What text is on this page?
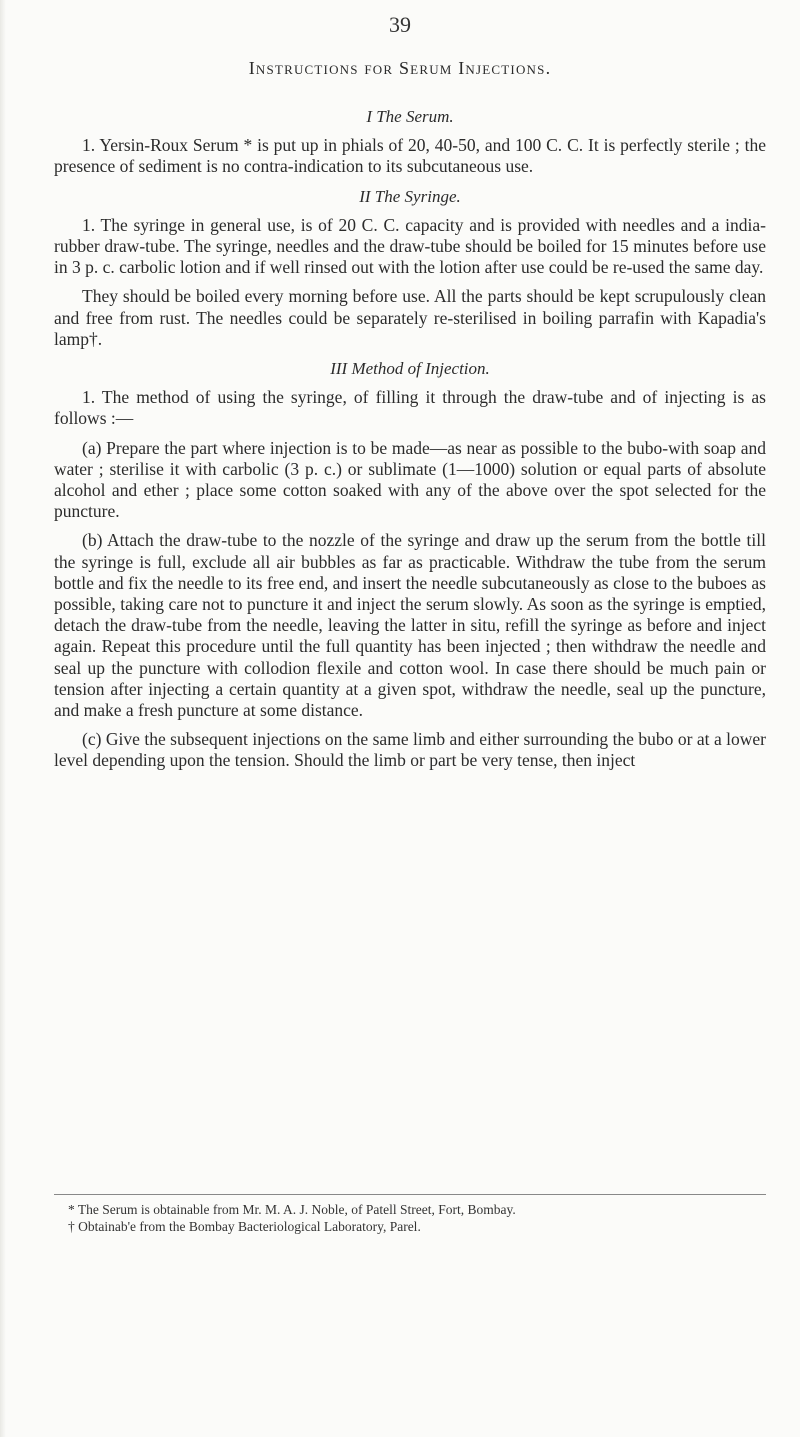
39
Instructions for Serum Injections.
I The Serum.

1. Yersin-Roux Serum * is put up in phials of 20, 40-50, and 100 C. C. It is perfectly sterile ; the presence of sediment is no contra-indication to its subcutaneous use.

II The Syringe.

1. The syringe in general use, is of 20 C. C. capacity and is provided with needles and a india-rubber draw-tube. The syringe, needles and the draw-tube should be boiled for 15 minutes before use in 3 p. c. carbolic lotion and if well rinsed out with the lotion after use could be re-used the same day.

They should be boiled every morning before use. All the parts should be kept scrupulously clean and free from rust. The needles could be separately re-sterilised in boiling parrafin with Kapadia's lamp†.

III Method of Injection.

1. The method of using the syringe, of filling it through the draw-tube and of injecting is as follows :—

(a) Prepare the part where injection is to be made—as near as possible to the bubo-with soap and water ; sterilise it with carbolic (3 p. c.) or sublimate (1—1000) solution or equal parts of absolute alcohol and ether ; place some cotton soaked with any of the above over the spot selected for the puncture.

(b) Attach the draw-tube to the nozzle of the syringe and draw up the serum from the bottle till the syringe is full, exclude all air bubbles as far as practicable. Withdraw the tube from the serum bottle and fix the needle to its free end, and insert the needle subcutaneously as close to the buboes as possible, taking care not to puncture it and inject the serum slowly. As soon as the syringe is emptied, detach the draw-tube from the needle, leaving the latter in situ, refill the syringe as before and inject again. Repeat this procedure until the full quantity has been injected ; then withdraw the needle and seal up the puncture with collodion flexile and cotton wool. In case there should be much pain or tension after injecting a certain quantity at a given spot, withdraw the needle, seal up the puncture, and make a fresh puncture at some distance.

(c) Give the subsequent injections on the same limb and either surrounding the bubo or at a lower level depending upon the tension. Should the limb or part be very tense, then inject

* The Serum is obtainable from Mr. M. A. J. Noble, of Patell Street, Fort, Bombay.

† Obtainab'e from the Bombay Bacteriological Laboratory, Parel.
